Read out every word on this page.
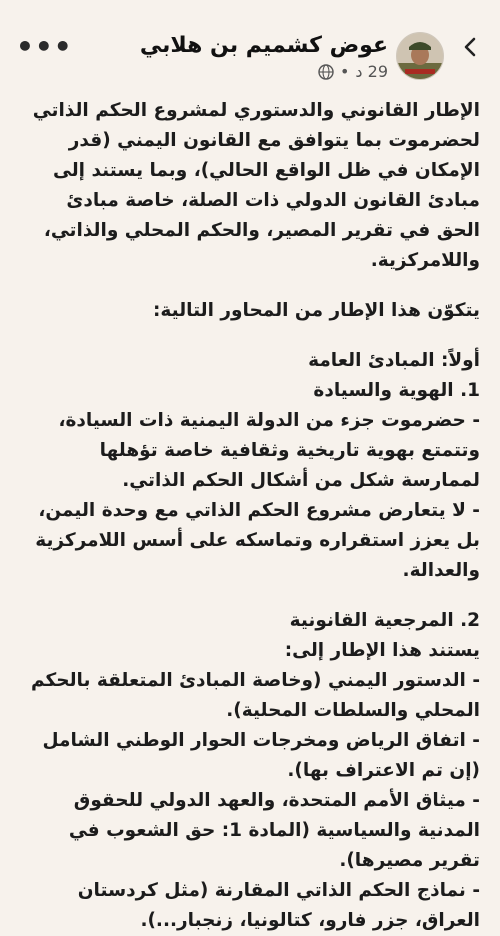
•••	عوض كشميم بن هلابي
29 د
•

الإطار القانوني والدستوري لمشروع الحكم الذاتي لحضرموت بما يتوافق مع القانون اليمني (قدر الإمكان في ظل الواقع الحالي)، وبما يستند إلى مبادئ القانون الدولي ذات الصلة، خاصة مبادئ الحق في تقرير المصير، والحكم المحلي والذاتي، واللامركزية.

يتكوّن هذا الإطار من المحاور التالية:

أولاً: المبادئ العامة

1. الهوية والسيادة

- حضرموت جزء من الدولة اليمنية ذات السيادة، وتتمتع بهوية تاريخية وثقافية خاصة تؤهلها لممارسة شكل من أشكال الحكم الذاتي.

- لا يتعارض مشروع الحكم الذاتي مع وحدة اليمن، بل يعزز استقراره وتماسكه على أسس اللامركزية والعدالة.

2. المرجعية القانونية

يستند هذا الإطار إلى:

- الدستور اليمني (وخاصة المبادئ المتعلقة بالحكم المحلي والسلطات المحلية).

- اتفاق الرياض ومخرجات الحوار الوطني الشامل (إن تم الاعتراف بها).

- ميثاق الأمم المتحدة، والعهد الدولي للحقوق المدنية والسياسية (المادة 1: حق الشعوب في تقرير مصيرها).

- نماذج الحكم الذاتي المقارنة (مثل كردستان العراق، جزر فارو، كتالونيا، زنجبار...).
